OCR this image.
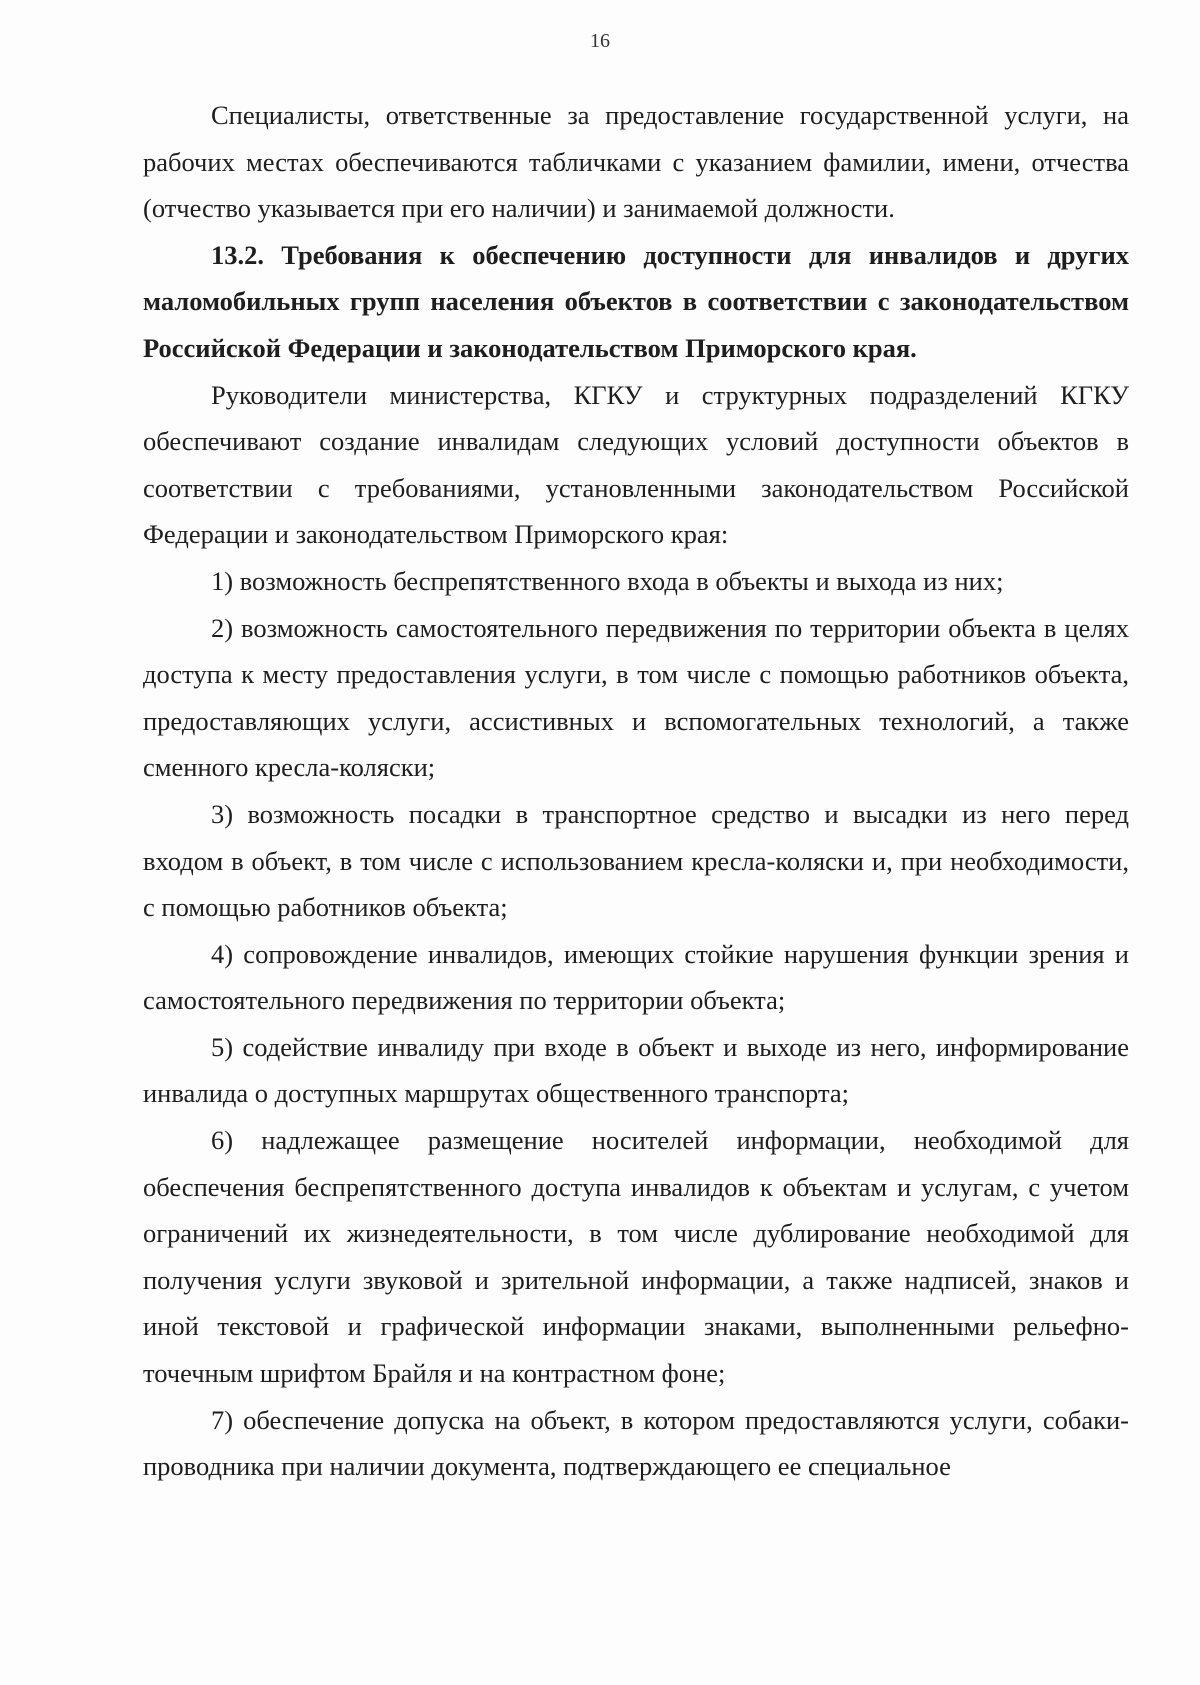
16

Специалисты, ответственные за предоставление государственной услуги, на рабочих местах обеспечиваются табличками с указанием фамилии, имени, отчества (отчество указывается при его наличии) и занимаемой должности.

13.2. Требования к обеспечению доступности для инвалидов и других маломобильных групп населения объектов в соответствии с законодательством Российской Федерации и законодательством Приморского края.

Руководители министерства, КГКУ и структурных подразделений КГКУ обеспечивают создание инвалидам следующих условий доступности объектов в соответствии с требованиями, установленными законодательством Российской Федерации и законодательством Приморского края:

1) возможность беспрепятственного входа в объекты и выхода из них;

2) возможность самостоятельного передвижения по территории объекта в целях доступа к месту предоставления услуги, в том числе с помощью работников объекта, предоставляющих услуги, ассистивных и вспомогательных технологий, а также сменного кресла-коляски;

3) возможность посадки в транспортное средство и высадки из него перед входом в объект, в том числе с использованием кресла-коляски и, при необходимости, с помощью работников объекта;

4) сопровождение инвалидов, имеющих стойкие нарушения функции зрения и самостоятельного передвижения по территории объекта;

5) содействие инвалиду при входе в объект и выходе из него, информирование инвалида о доступных маршрутах общественного транспорта;

6) надлежащее размещение носителей информации, необходимой для обеспечения беспрепятственного доступа инвалидов к объектам и услугам, с учетом ограничений их жизнедеятельности, в том числе дублирование необходимой для получения услуги звуковой и зрительной информации, а также надписей, знаков и иной текстовой и графической информации знаками, выполненными рельефно-точечным шрифтом Брайля и на контрастном фоне;

7) обеспечение допуска на объект, в котором предоставляются услуги, собаки-проводника при наличии документа, подтверждающего ее специальное
